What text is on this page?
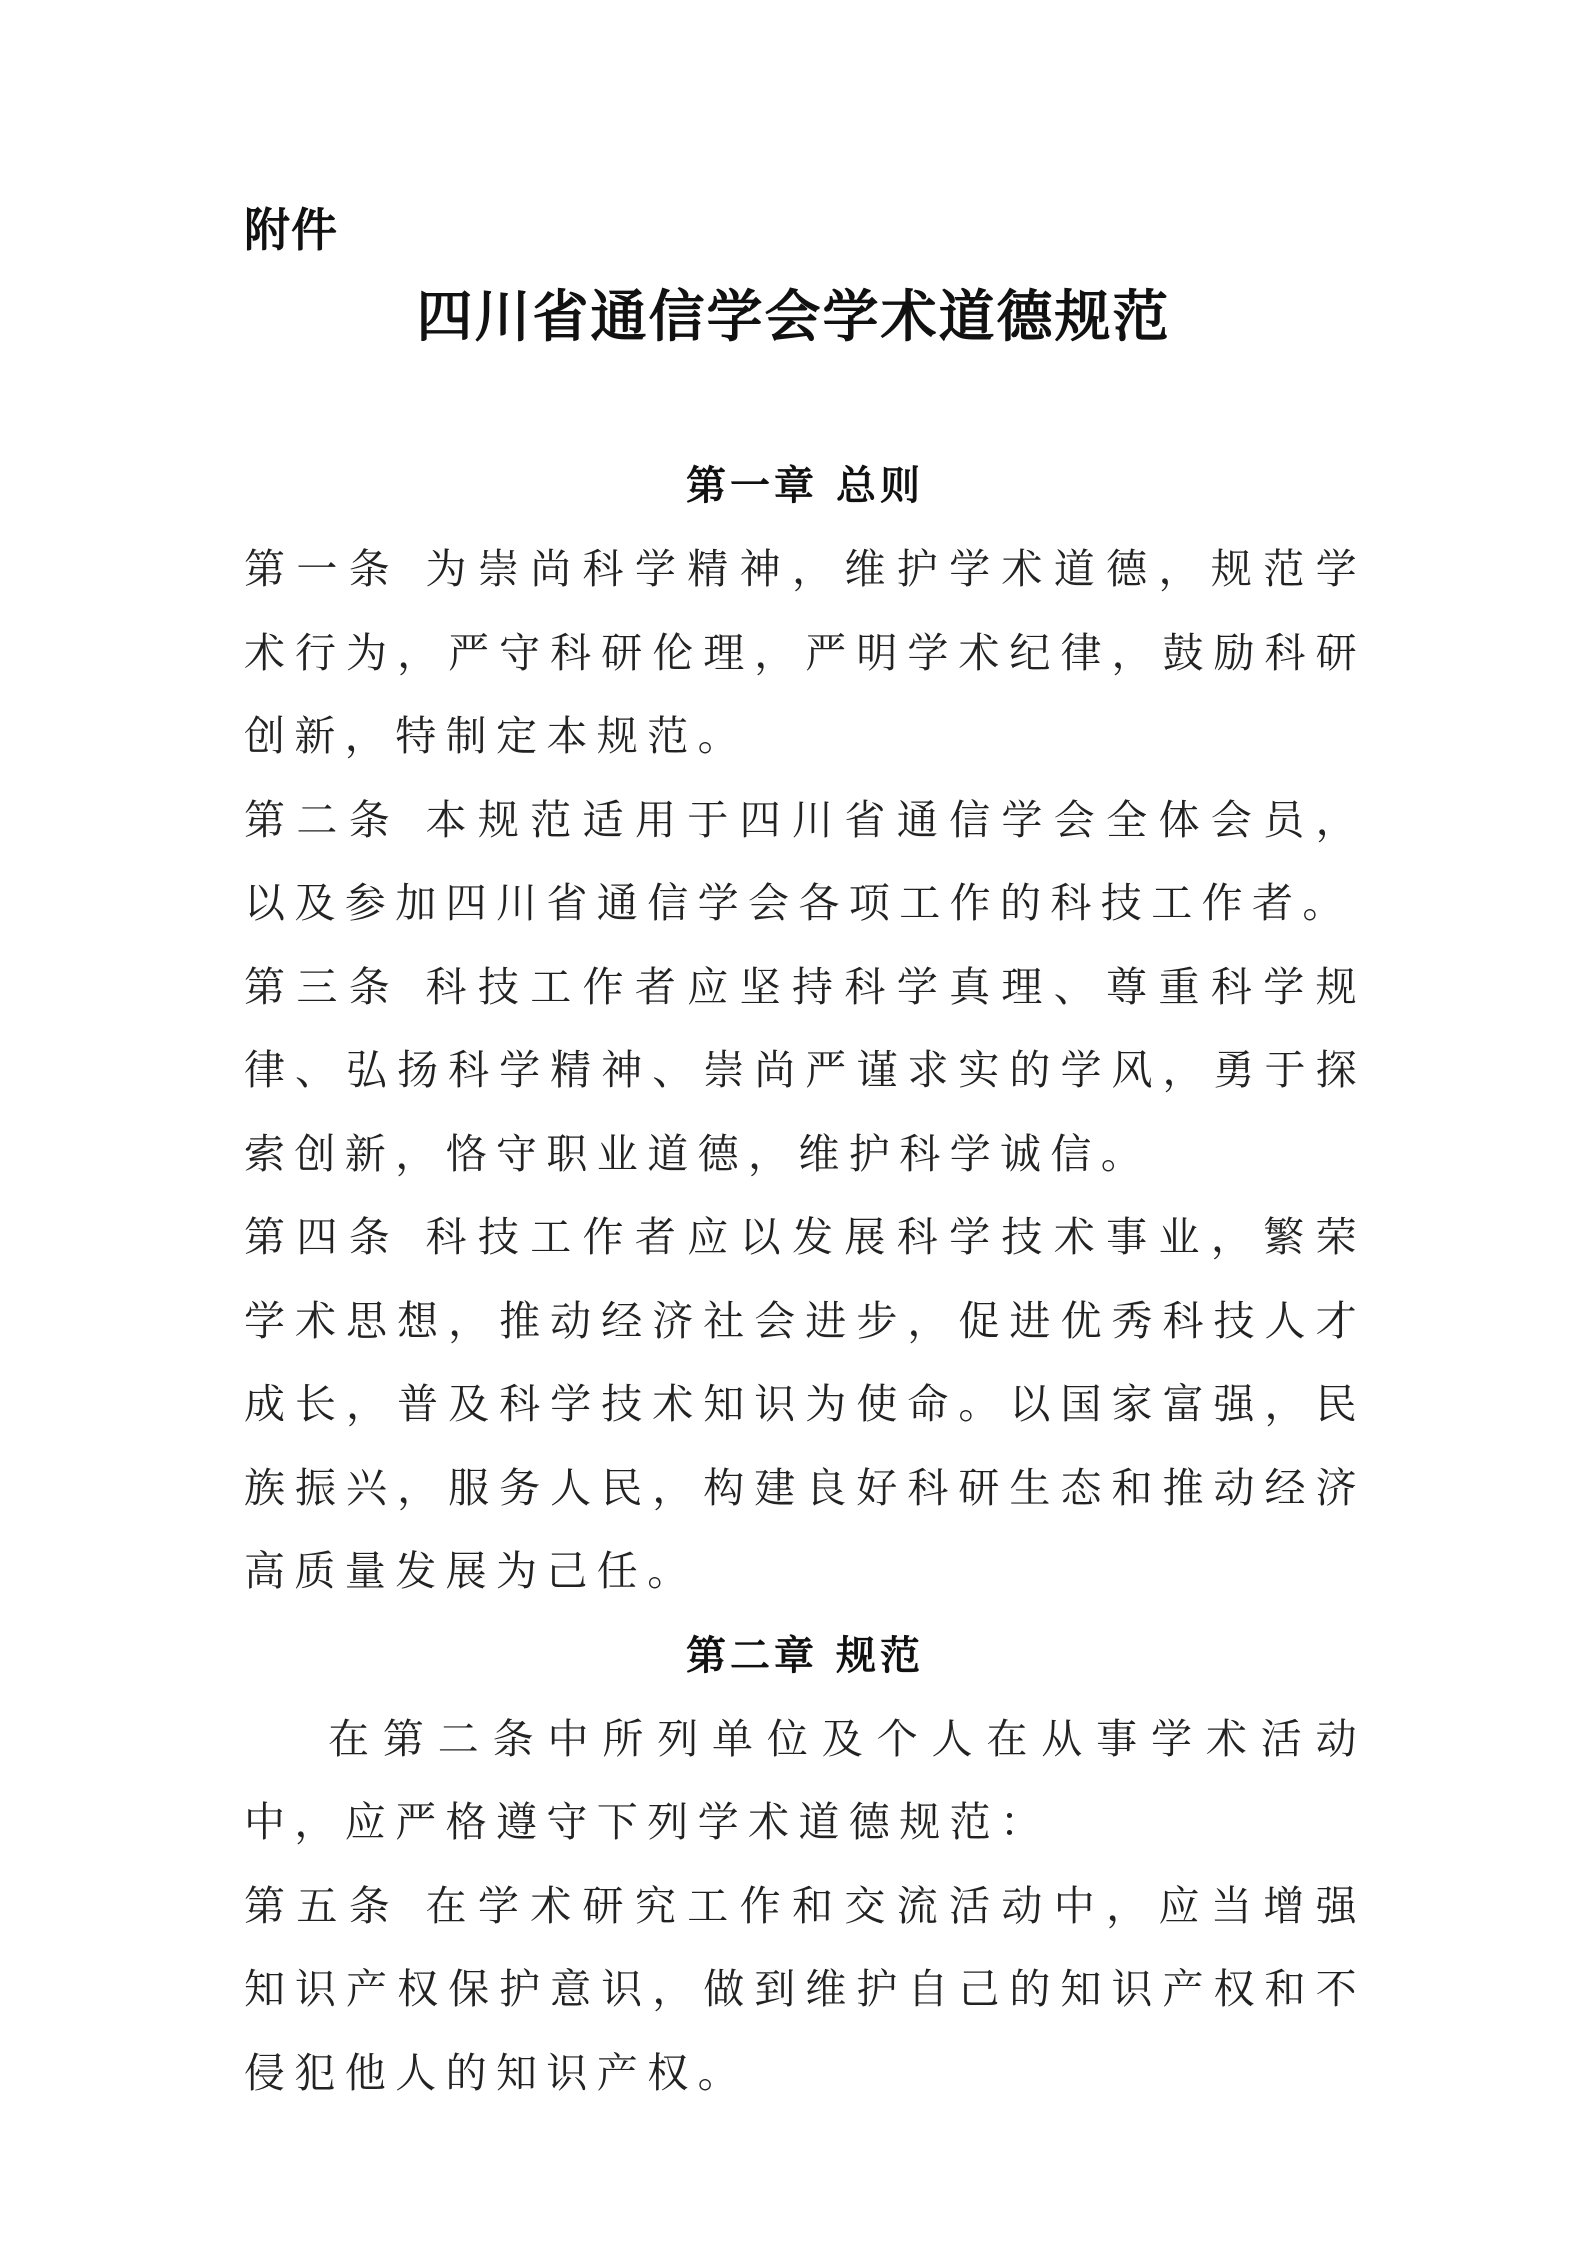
附件
四川省通信学会学术道德规范
第一章 总则

第一条 为崇尚科学精神，维护学术道德，规范学术行为，严守科研伦理，严明学术纪律，鼓励科研创新，特制定本规范。

第二条 本规范适用于四川省通信学会全体会员，以及参加四川省通信学会各项工作的科技工作者。

第三条 科技工作者应坚持科学真理、尊重科学规律、弘扬科学精神、崇尚严谨求实的学风，勇于探索创新，恪守职业道德，维护科学诚信。

第四条 科技工作者应以发展科学技术事业，繁荣学术思想，推动经济社会进步，促进优秀科技人才成长，普及科学技术知识为使命。以国家富强，民族振兴，服务人民，构建良好科研生态和推动经济高质量发展为己任。

第二章 规范

在第二条中所列单位及个人在从事学术活动中，应严格遵守下列学术道德规范：

第五条 在学术研究工作和交流活动中，应当增强知识产权保护意识，做到维护自己的知识产权和不侵犯他人的知识产权。
